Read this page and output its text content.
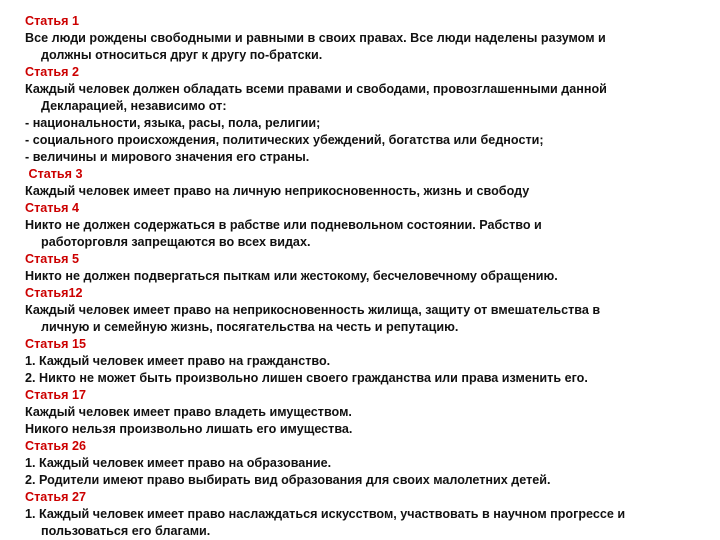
Статья 1
Все люди рождены свободными и равными в своих правах. Все люди наделены разумом и
должны относиться друг к другу по-братски.
Статья 2
Каждый человек должен обладать всеми правами и свободами, провозглашенными данной
Декларацией, независимо от:
- национальности, языка, расы, пола, религии;
- социального происхождения, политических убеждений, богатства или бедности;
- величины и мирового значения его страны.
Статья 3
Каждый человек имеет право на личную неприкосновенность, жизнь и свободу
Статья 4
Никто не должен содержаться в рабстве или подневольном состоянии. Рабство и
работорговля запрещаются во всех видах.
Статья 5
Никто не должен подвергаться пыткам или жестокому, бесчеловечному обращению.
Статья12
Каждый человек имеет право на неприкосновенность жилища, защиту от вмешательства в
личную и семейную жизнь, посягательства на честь и репутацию.
Статья 15
1. Каждый человек имеет право на гражданство.
2. Никто не может быть произвольно лишен своего гражданства или права изменить его.
Статья 17
Каждый человек имеет право владеть имуществом.
Никого нельзя произвольно лишать его имущества.
Статья 26
1. Каждый человек имеет право на образование.
2. Родители имеют право выбирать вид образования для своих малолетних детей.
Статья 27
1. Каждый человек имеет право наслаждаться искусством, участвовать в научном прогрессе и
пользоваться его благами.
